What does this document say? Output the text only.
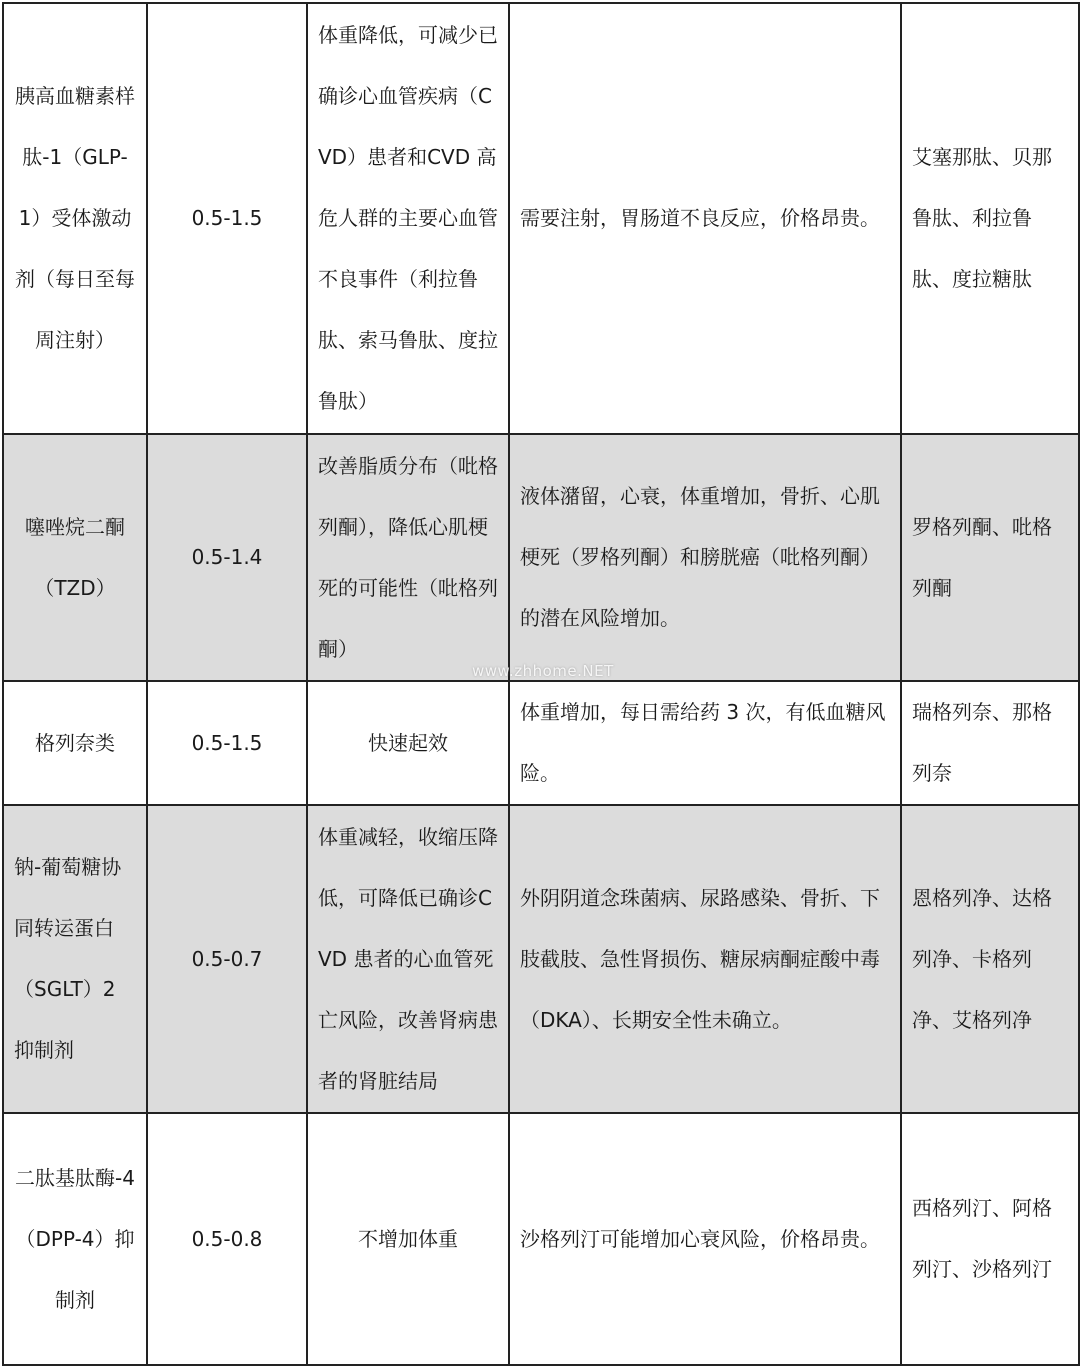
胰高血糖素样肽-1（GLP-1）受体激动剂（每日至每周注射）	0.5-1.5	体重降低，可减少已确诊心血管疾病（CVD）患者和CVD 高危人群的主要心血管不良事件（利拉鲁肽、索马鲁肽、度拉鲁肽）	需要注射，胃肠道不良反应，价格昂贵。	艾塞那肽、贝那鲁肽、利拉鲁肽、度拉糖肽
噻唑烷二酮（TZD）	0.5-1.4	改善脂质分布（吡格列酮），降低心肌梗死的可能性（吡格列酮）	液体潴留，心衰，体重增加，骨折、心肌梗死（罗格列酮）和膀胱癌（吡格列酮）的潜在风险增加。	罗格列酮、吡格列酮
格列奈类	0.5-1.5	快速起效	体重增加，每日需给药 3 次，有低血糖风险。	瑞格列奈、那格列奈
钠-葡萄糖协同转运蛋白（SGLT）2 抑制剂	0.5-0.7	体重减轻，收缩压降低，可降低已确诊CVD 患者的心血管死亡风险，改善肾病患者的肾脏结局	外阴阴道念珠菌病、尿路感染、骨折、下肢截肢、急性肾损伤、糖尿病酮症酸中毒（DKA）、长期安全性未确立。	恩格列净、达格列净、卡格列净、艾格列净
二肽基肽酶-4（DPP-4）抑制剂	0.5-0.8	不增加体重	沙格列汀可能增加心衰风险，价格昂贵。	西格列汀、阿格列汀、沙格列汀
www.zhhome.NET
